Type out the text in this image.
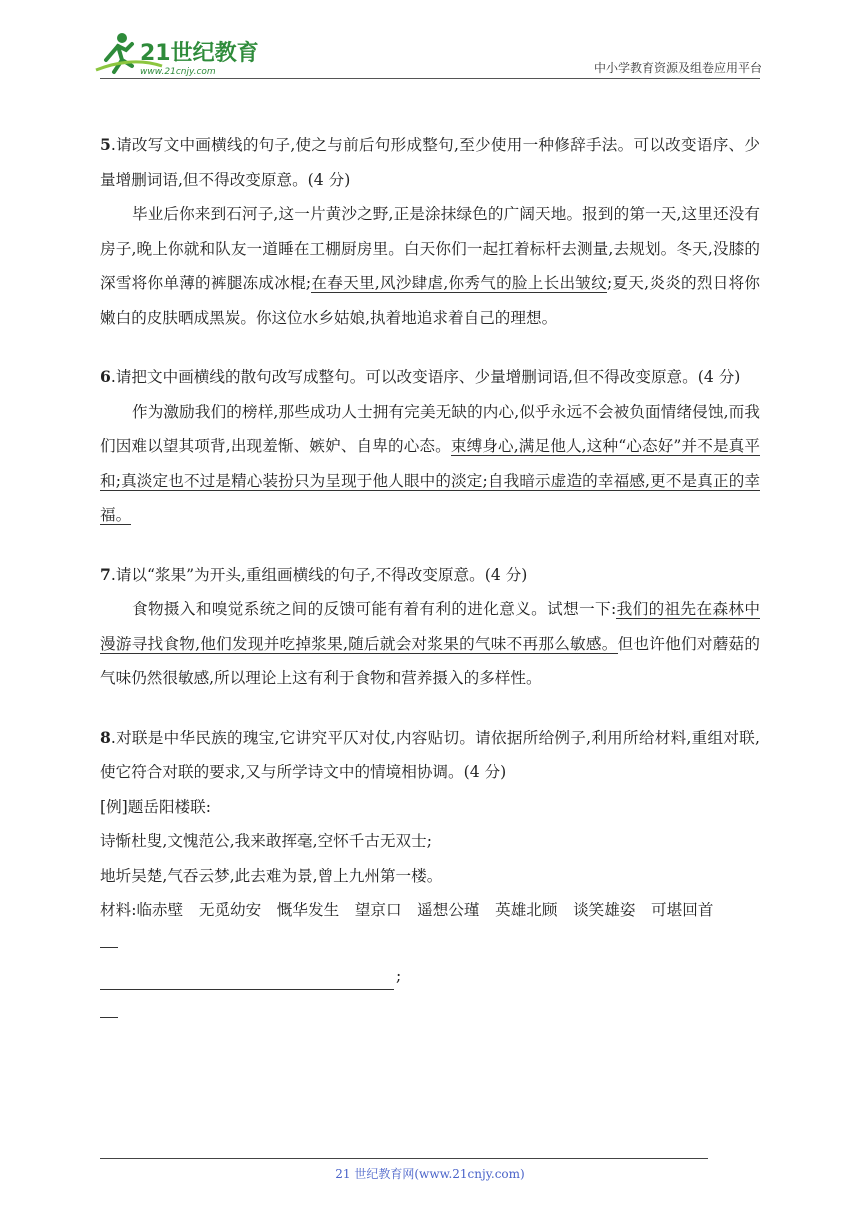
21世纪教育
www.21cnjy.com	中小学教育资源及组卷应用平台

5.请改写文中画横线的句子,使之与前后句形成整句,至少使用一种修辞手法。可以改变语序、少量增删词语,但不得改变原意。(4 分)

毕业后你来到石河子,这一片黄沙之野,正是涂抹绿色的广阔天地。报到的第一天,这里还没有房子,晚上你就和队友一道睡在工棚厨房里。白天你们一起扛着标杆去测量,去规划。冬天,没膝的深雪将你单薄的裤腿冻成冰棍;在春天里,风沙肆虐,你秀气的脸上长出皱纹;夏天,炎炎的烈日将你嫩白的皮肤晒成黑炭。你这位水乡姑娘,执着地追求着自己的理想。

6.请把文中画横线的散句改写成整句。可以改变语序、少量增删词语,但不得改变原意。(4 分)

作为激励我们的榜样,那些成功人士拥有完美无缺的内心,似乎永远不会被负面情绪侵蚀,而我们因难以望其项背,出现羞惭、嫉妒、自卑的心态。束缚身心,满足他人,这种“心态好”并不是真平和;真淡定也不过是精心装扮只为呈现于他人眼中的淡定;自我暗示虚造的幸福感,更不是真正的幸福。

7.请以“浆果”为开头,重组画横线的句子,不得改变原意。(4 分)

食物摄入和嗅觉系统之间的反馈可能有着有利的进化意义。试想一下:我们的祖先在森林中漫游寻找食物,他们发现并吃掉浆果,随后就会对浆果的气味不再那么敏感。但也许他们对蘑菇的气味仍然很敏感,所以理论上这有利于食物和营养摄入的多样性。

8.对联是中华民族的瑰宝,它讲究平仄对仗,内容贴切。请依据所给例子,利用所给材料,重组对联,使它符合对联的要求,又与所学诗文中的情境相协调。(4 分)

[例]题岳阳楼联:

诗惭杜叟,文愧范公,我来敢挥毫,空怀千古无双士;

地圻吴楚,气吞云梦,此去难为景,曾上九州第一楼。

材料:临赤壁　无觅幼安　慨华发生　望京口　遥想公瑾　英雄北顾　谈笑雄姿　可堪回首

;
21 世纪教育网(www.21cnjy.com)
